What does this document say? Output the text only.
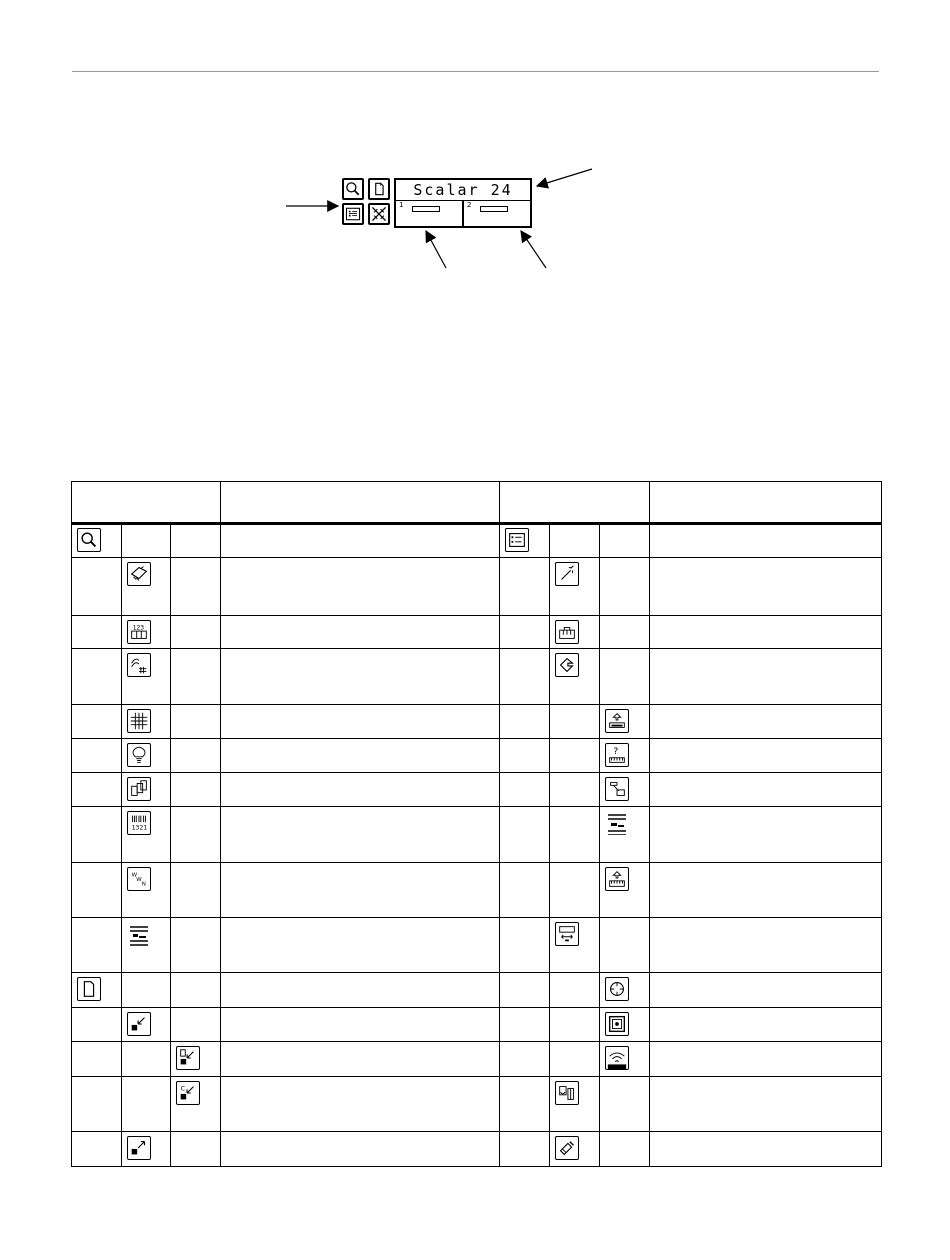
Scalar 24
1	2
123
1321
W
W
N
C
?
